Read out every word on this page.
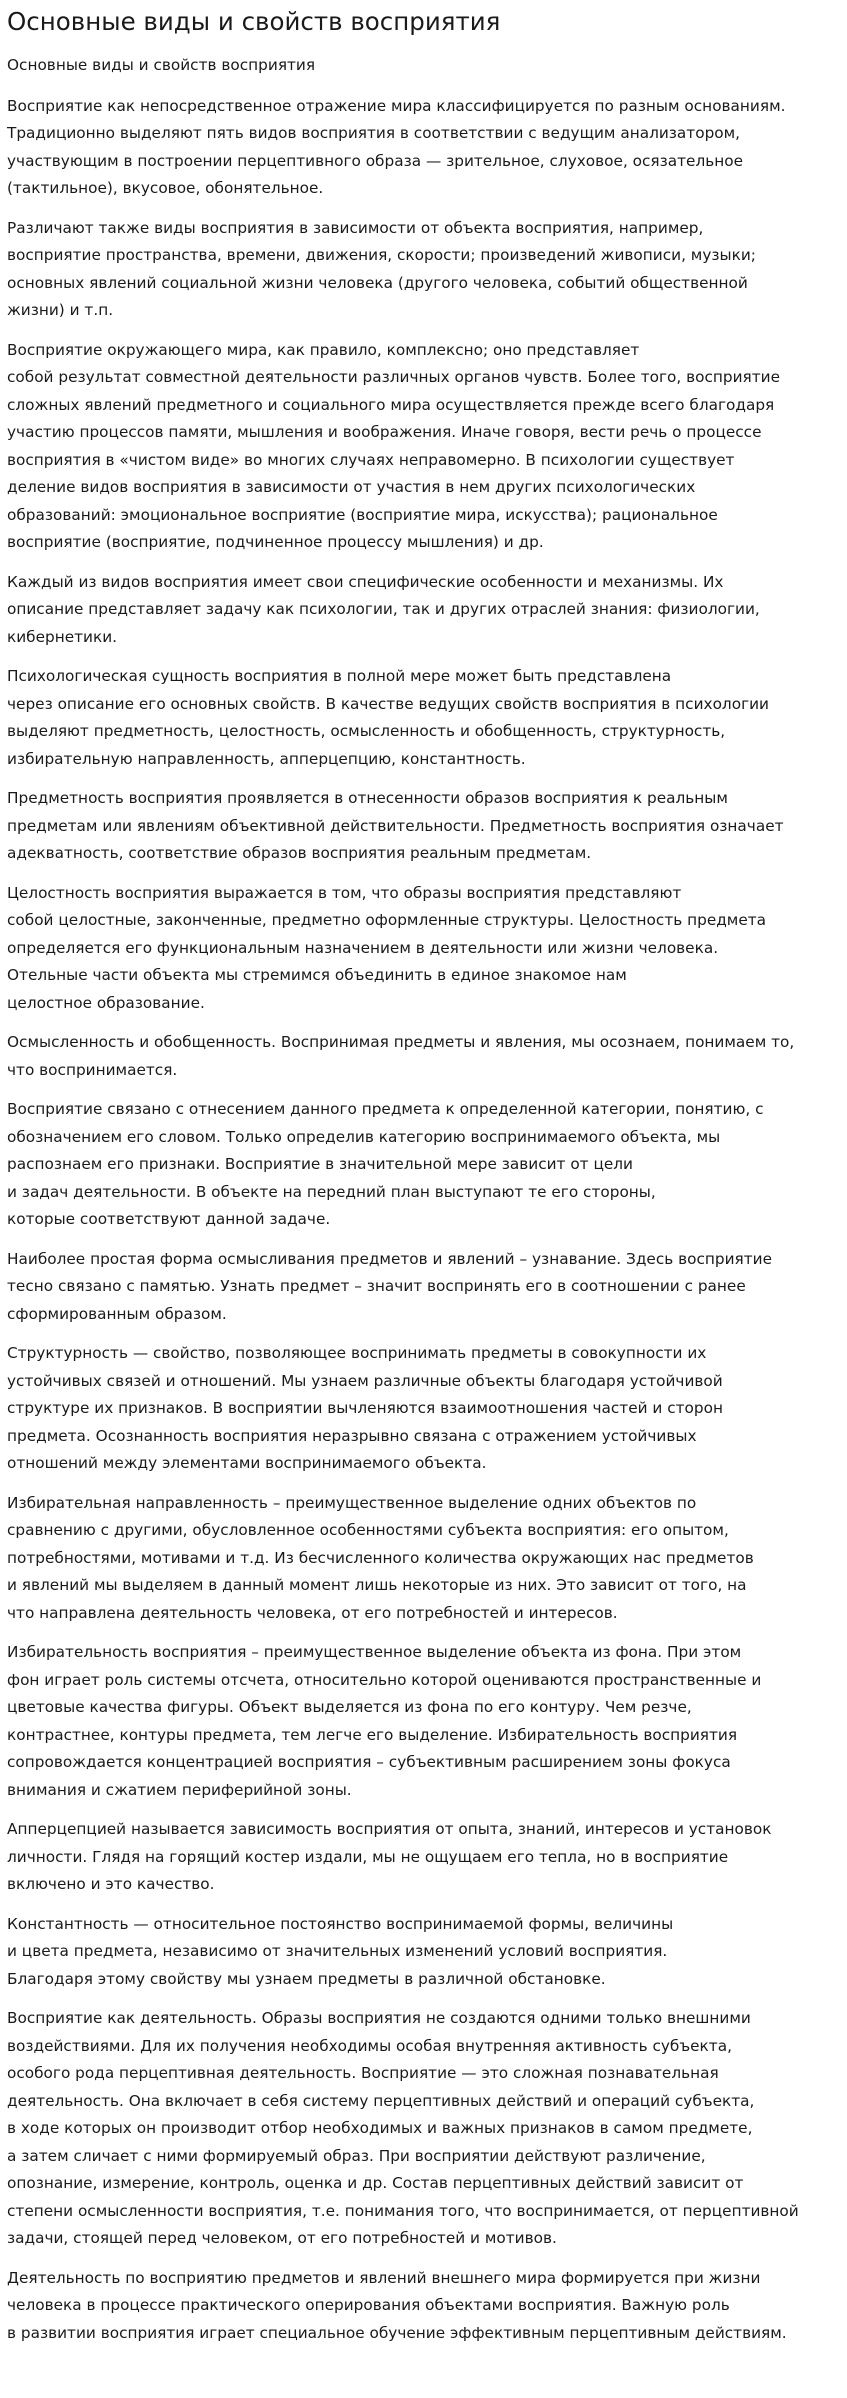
Основные виды и свойств восприятия
Основные виды и свойств восприятия

Восприятие как непосредственное отражение мира классифицируется по разным основаниям.
Традиционно выделяют пять видов восприятия в соответствии с ведущим анализатором,
участвующим в построении перцептивного образа — зрительное, слуховое, осязательное
(тактильное), вкусовое, обонятельное.

Различают также виды восприятия в зависимости от объекта восприятия, например,
восприятие пространства, времени, движения, скорости; произведений живописи, музыки;
основных явлений социальной жизни человека (другого человека, событий общественной
жизни) и т.п.

Восприятие окружающего мира, как правило, комплексно; оно представляет
собой результат совместной деятельности различных органов чувств. Более того, восприятие
сложных явлений предметного и социального мира осуществляется прежде всего благодаря
участию процессов памяти, мышления и воображения. Иначе говоря, вести речь о процессе
восприятия в «чистом виде» во многих случаях неправомерно. В психологии существует
деление видов восприятия в зависимости от участия в нем других психологических
образований: эмоциональное восприятие (восприятие мира, искусства); рациональное
восприятие (восприятие, подчиненное процессу мышления) и др.

Каждый из видов восприятия имеет свои специфические особенности и механизмы. Их
описание представляет задачу как психологии, так и других отраслей знания: физиологии,
кибернетики.

Психологическая сущность восприятия в полной мере может быть представлена
через описание его основных свойств. В качестве ведущих свойств восприятия в психологии
выделяют предметность, целостность, осмысленность и обобщенность, структурность,
избирательную направленность, апперцепцию, константность.

Предметность восприятия проявляется в отнесенности образов восприятия к реальным
предметам или явлениям объективной действительности. Предметность восприятия означает
адекватность, соответствие образов восприятия реальным предметам.

Целостность восприятия выражается в том, что образы восприятия представляют
собой целостные, законченные, предметно оформленные структуры. Целостность предмета
определяется его функциональным назначением в деятельности или жизни человека.
Отельные части объекта мы стремимся объединить в единое знакомое нам
целостное образование.

Осмысленность и обобщенность. Воспринимая предметы и явления, мы осознаем, понимаем то,
что воспринимается.

Восприятие связано с отнесением данного предмета к определенной категории, понятию, с
обозначением его словом. Только определив категорию воспринимаемого объекта, мы
распознаем его признаки. Восприятие в значительной мере зависит от цели
и задач деятельности. В объекте на передний план выступают те его стороны,
которые соответствуют данной задаче.

Наиболее простая форма осмысливания предметов и явлений – узнавание. Здесь восприятие
тесно связано с памятью. Узнать предмет – значит воспринять его в соотношении с ранее
сформированным образом.

Структурность — свойство, позволяющее воспринимать предметы в совокупности их
устойчивых связей и отношений. Мы узнаем различные объекты благодаря устойчивой
структуре их признаков. В восприятии вычленяются взаимоотношения частей и сторон
предмета. Осознанность восприятия неразрывно связана с отражением устойчивых
отношений между элементами воспринимаемого объекта.

Избирательная направленность – преимущественное выделение одних объектов по
сравнению с другими, обусловленное особенностями субъекта восприятия: его опытом,
потребностями, мотивами и т.д. Из бесчисленного количества окружающих нас предметов
и явлений мы выделяем в данный момент лишь некоторые из них. Это зависит от того, на
что направлена деятельность человека, от его потребностей и интересов.

Избирательность восприятия – преимущественное выделение объекта из фона. При этом
фон играет роль системы отсчета, относительно которой оцениваются пространственные и
цветовые качества фигуры. Объект выделяется из фона по его контуру. Чем резче,
контрастнее, контуры предмета, тем легче его выделение. Избирательность восприятия
сопровождается концентрацией восприятия – субъективным расширением зоны фокуса
внимания и сжатием периферийной зоны.

Апперцепцией называется зависимость восприятия от опыта, знаний, интересов и установок
личности. Глядя на горящий костер издали, мы не ощущаем его тепла, но в восприятие
включено и это качество.

Константность — относительное постоянство воспринимаемой формы, величины
и цвета предмета, независимо от значительных изменений условий восприятия.
Благодаря этому свойству мы узнаем предметы в различной обстановке.

Восприятие как деятельность. Образы восприятия не создаются одними только внешними
воздействиями. Для их получения необходимы особая внутренняя активность субъекта,
особого рода перцептивная деятельность. Восприятие — это сложная познавательная
деятельность. Она включает в себя систему перцептивных действий и операций субъекта,
в ходе которых он производит отбор необходимых и важных признаков в самом предмете,
а затем сличает с ними формируемый образ. При восприятии действуют различение,
опознание, измерение, контроль, оценка и др. Состав перцептивных действий зависит от
степени осмысленности восприятия, т.е. понимания того, что воспринимается, от перцептивной
задачи, стоящей перед человеком, от его потребностей и мотивов.

Деятельность по восприятию предметов и явлений внешнего мира формируется при жизни
человека в процессе практического оперирования объектами восприятия. Важную роль
в развитии восприятия играет специальное обучение эффективным перцептивным действиям.
